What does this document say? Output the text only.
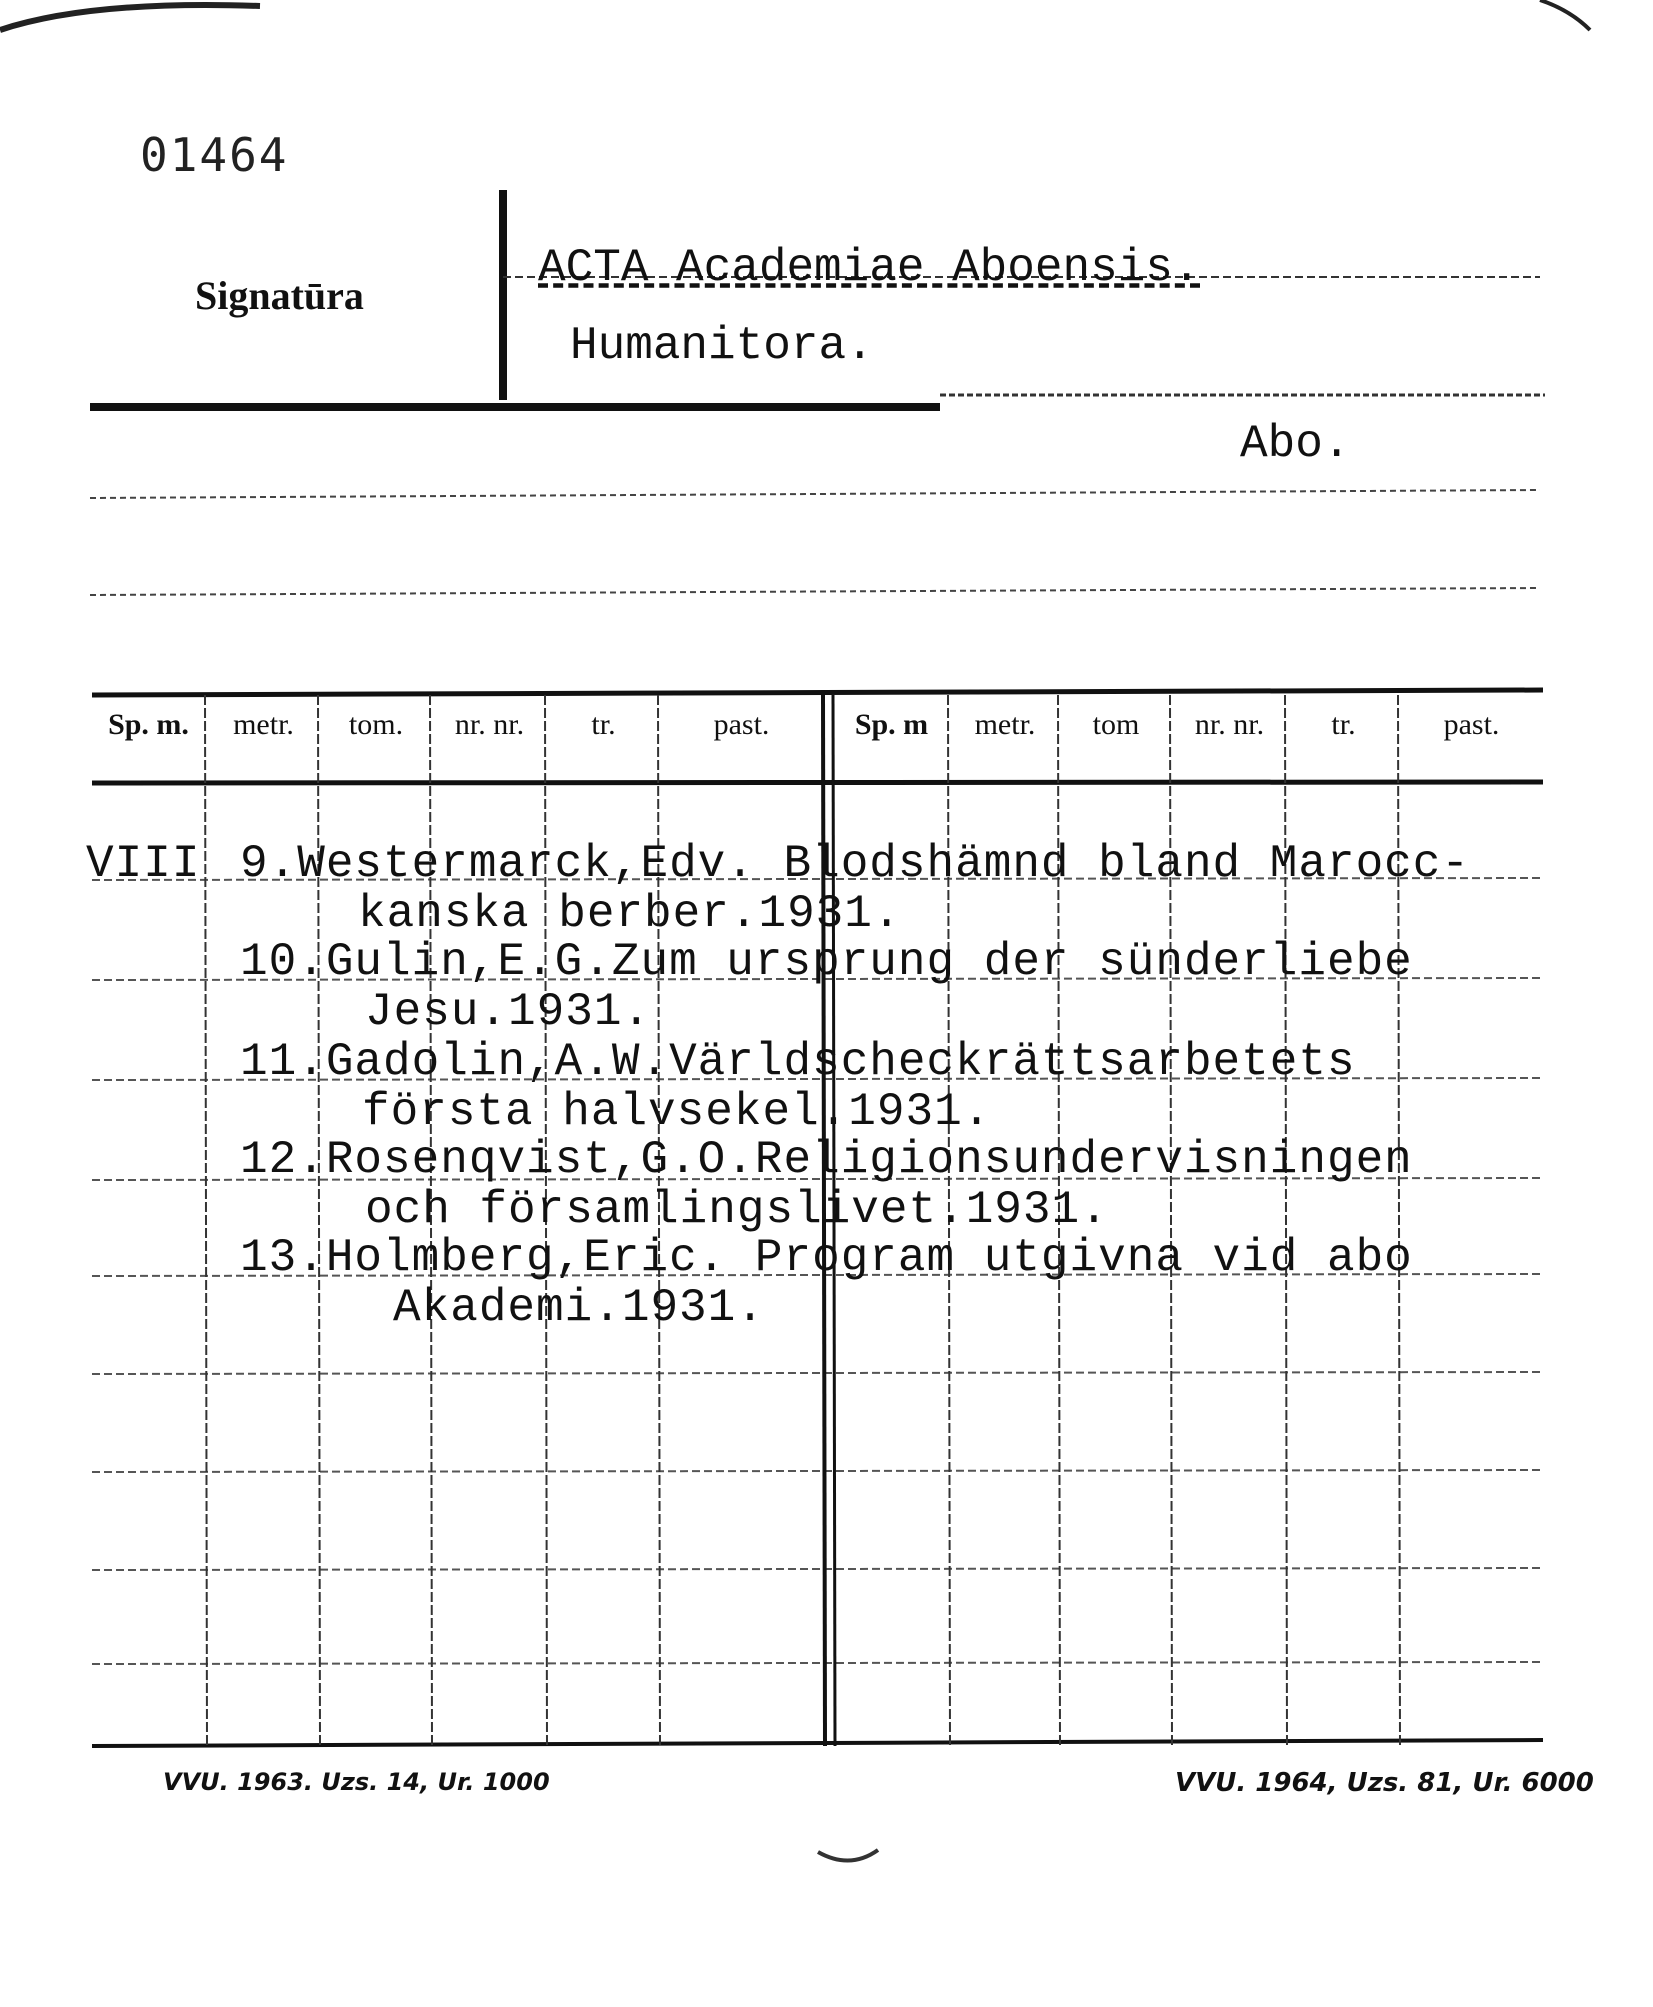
01464
Signatūra
ACTA Academiae Aboensis.
Humanitora.
Abo.
Sp. m.	metr.	tom.	nr. nr.	tr.	past.	Sp. m	metr.	tom	nr. nr.	tr.	past.
VIII 9.Westermarck,Edv. Blodshämnd bland Marocc-
kanska berber.1931.
10.Gulin,E.G.Zum ursprung der sünderliebe
Jesu.1931.
11.Gadolin,A.W.Världscheckrättsarbetets
första halvsekel.1931.
12.Rosenqvist,G.O.Religionsundervisningen
och församlingslivet.1931.
13.Holmberg,Eric. Program utgivna vid abo
Akademi.1931.
VVU. 1963. Uzs. 14, Ur. 1000	VVU. 1964, Uzs. 81, Ur. 6000
